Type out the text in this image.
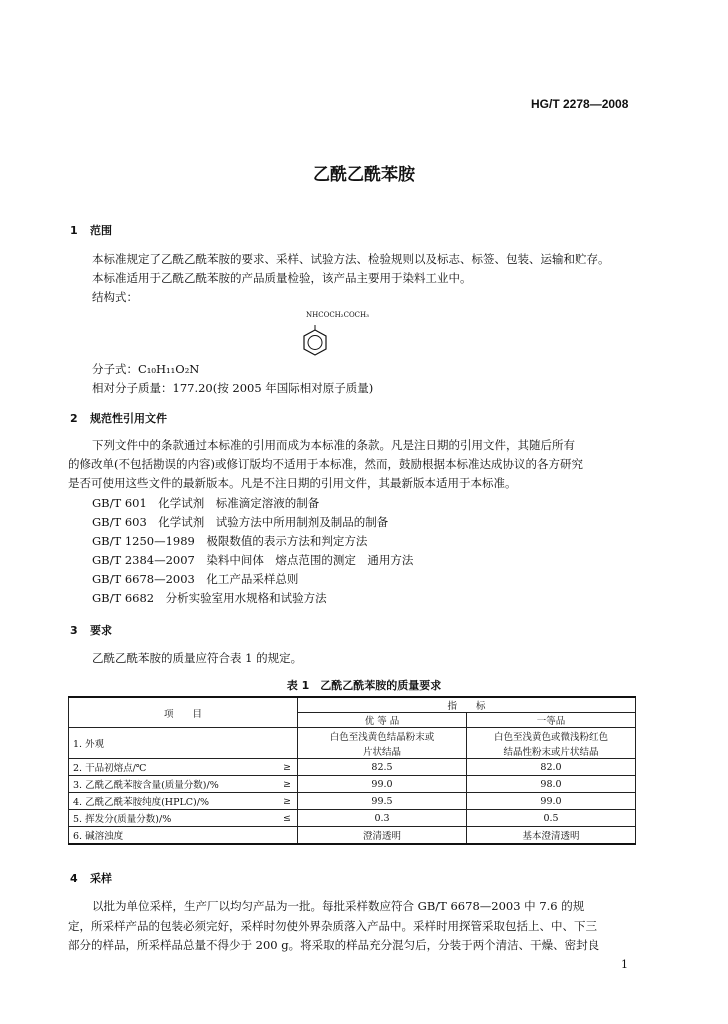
HG/T 2278—2008
乙酰乙酰苯胺
1 范围
本标准规定了乙酰乙酰苯胺的要求、采样、试验方法、检验规则以及标志、标签、包装、运输和贮存。
本标准适用于乙酰乙酰苯胺的产品质量检验，该产品主要用于染料工业中。
结构式：
NHCOCH₂COCH₃
分子式：C₁₀H₁₁O₂N
相对分子质量：177.20(按 2005 年国际相对原子质量)
2 规范性引用文件
下列文件中的条款通过本标准的引用而成为本标准的条款。凡是注日期的引用文件，其随后所有
的修改单(不包括勘误的内容)或修订版均不适用于本标准，然而，鼓励根据本标准达成协议的各方研究
是否可使用这些文件的最新版本。凡是不注日期的引用文件，其最新版本适用于本标准。
GB/T 601　化学试剂　标准滴定溶液的制备
GB/T 603　化学试剂　试验方法中所用制剂及制品的制备
GB/T 1250—1989　极限数值的表示方法和判定方法
GB/T 2384—2007　染料中间体　熔点范围的测定　通用方法
GB/T 6678—2003　化工产品采样总则
GB/T 6682　分析实验室用水规格和试验方法
3 要求
乙酰乙酰苯胺的质量应符合表 1 的规定。
表 1　乙酰乙酰苯胺的质量要求
项　　目		指　　标	
		优 等 品	一等品
1. 外观		白色至浅黄色结晶粉末或	白色至浅黄色或微浅粉红色
		片状结晶	结晶性粉末或片状结晶
2. 干品初熔点/℃	≥	82.5	82.0
3. 乙酰乙酰苯胺含量(质量分数)/%	≥	99.0	98.0
4. 乙酰乙酰苯胺纯度(HPLC)/%	≥	99.5	99.0
5. 挥发分(质量分数)/%	≤	0.3	0.5
6. 碱溶浊度		澄清透明	基本澄清透明
4 采样
以批为单位采样，生产厂以均匀产品为一批。每批采样数应符合 GB/T 6678—2003 中 7.6 的规
定，所采样产品的包装必须完好，采样时勿使外界杂质落入产品中。采样时用探管采取包括上、中、下三
部分的样品，所采样品总量不得少于 200 g。将采取的样品充分混匀后，分装于两个清洁、干燥、密封良
1
